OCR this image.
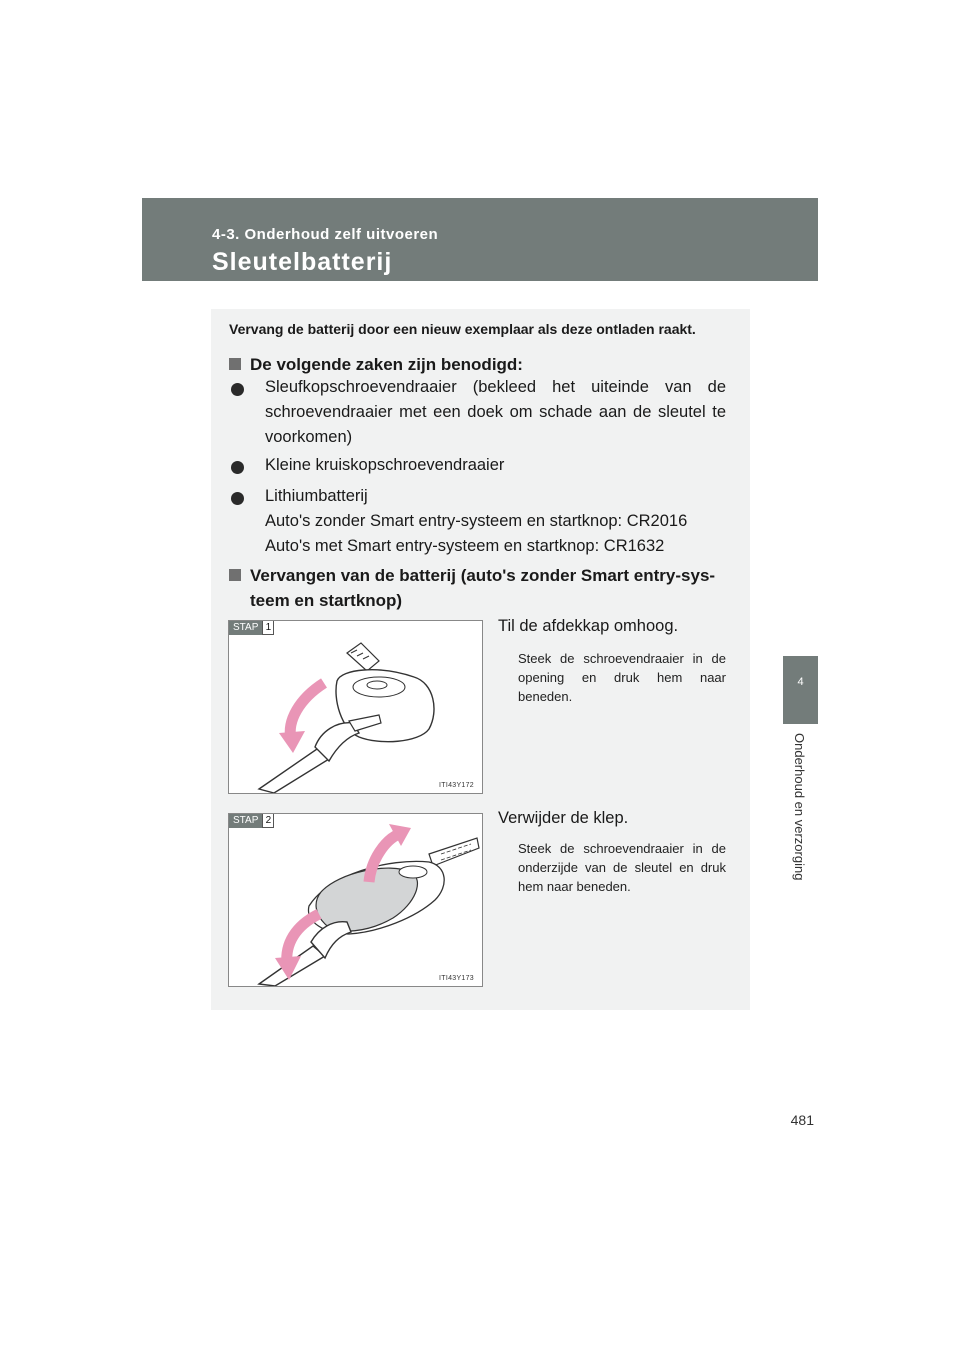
4-3. Onderhoud zelf uitvoeren
Sleutelbatterij
4
Onderhoud en verzorging
481
Vervang de batterij door een nieuw exemplaar als deze ontladen raakt.
De volgende zaken zijn benodigd:
Sleufkopschroevendraaier (bekleed het uiteinde van de schroevendraaier met een doek om schade aan de sleutel te voorkomen)
Kleine kruiskopschroevendraaier
Lithiumbatterij
Auto's zonder Smart entry-systeem en startknop: CR2016
Auto's met Smart entry-systeem en startknop: CR1632
Vervangen van de batterij (auto's zonder Smart entry-sys-
teem en startknop)
STAP 1
ITI43Y172
Til de afdekkap omhoog.
Steek de schroevendraaier in de opening en druk hem naar beneden.
STAP 2
ITI43Y173
Verwijder de klep.
Steek de schroevendraaier in de onderzijde van de sleutel en druk hem naar beneden.
